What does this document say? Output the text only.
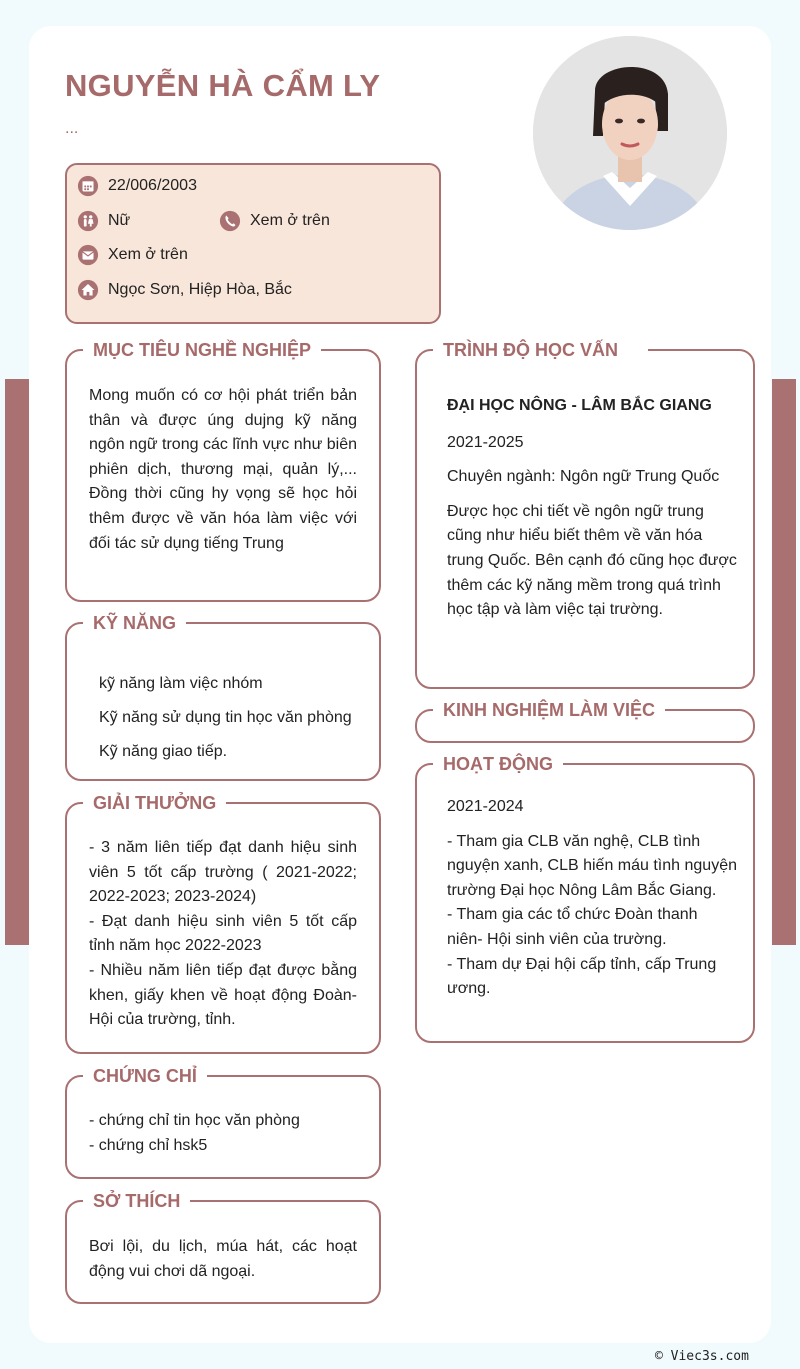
NGUYỄN HÀ CẨM LY
...
22/006/2003
Nữ	Xem ở trên
Xem ở trên
Ngọc Sơn, Hiệp Hòa, Bắc
MỤC TIÊU NGHỀ NGHIỆP
Mong muốn có cơ hội phát triển bản thân và được úng dujng kỹ năng ngôn ngữ trong các lĩnh vực như biên phiên dịch, thương mại, quản lý,... Đồng thời cũng hy vọng sẽ học hỏi thêm được về văn hóa làm việc với đối tác sử dụng tiếng Trung
KỸ NĂNG
kỹ năng làm việc nhóm
Kỹ năng sử dụng tin học văn phòng
Kỹ năng giao tiếp.
GIẢI THƯỞNG
- 3 năm liên tiếp đạt danh hiệu sinh viên 5 tốt cấp trường ( 2021-2022; 2022-2023; 2023-2024)
- Đạt danh hiệu sinh viên 5 tốt cấp tỉnh năm học 2022-2023
- Nhiều năm liên tiếp đạt được bằng khen, giấy khen về hoạt động Đoàn- Hội của trường, tỉnh.
CHỨNG CHỈ
- chứng chỉ tin học văn phòng
- chứng chỉ hsk5
SỞ THÍCH
Bơi lội, du lịch, múa hát, các hoạt động vui chơi dã ngoại.
TRÌNH ĐỘ HỌC VẤN
ĐẠI HỌC NÔNG - LÂM BẮC GIANG
2021-2025
Chuyên ngành: Ngôn ngữ Trung Quốc
Được học chi tiết về ngôn ngữ trung cũng như hiểu biết thêm về văn hóa trung Quốc. Bên cạnh đó cũng học được thêm các kỹ năng mềm trong quá trình học tập và làm việc tại trường.
KINH NGHIỆM LÀM VIỆC
HOẠT ĐỘNG
2021-2024
- Tham gia CLB văn nghệ, CLB tình nguyện xanh, CLB hiến máu tình nguyện trường Đại học Nông Lâm Bắc Giang.
- Tham gia các tổ chức Đoàn thanh niên- Hội sinh viên của trường.
- Tham dự Đại hội cấp tỉnh, cấp Trung ương.
© Viec3s.com
